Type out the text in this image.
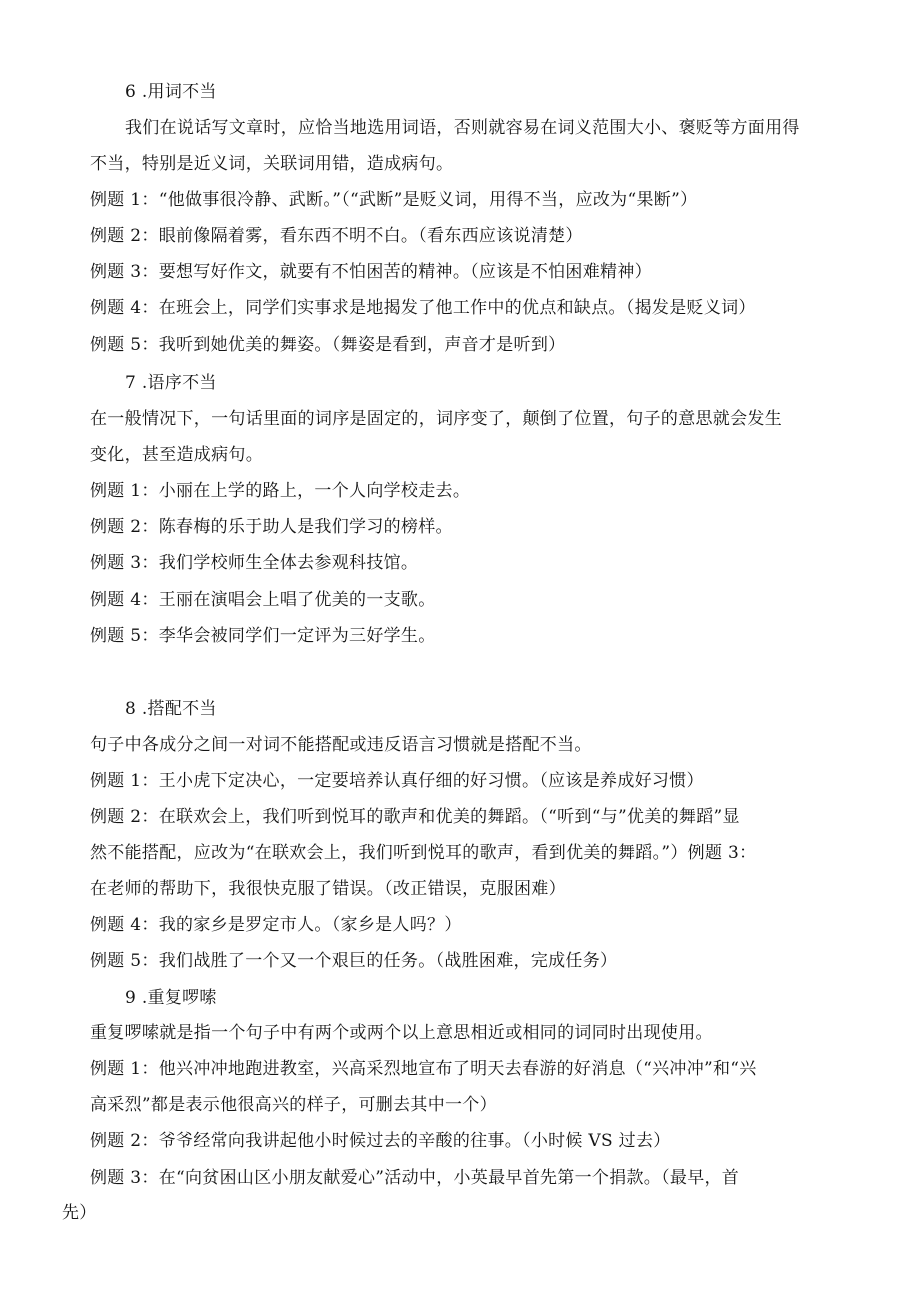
6 .用词不当
我们在说话写文章时，应恰当地选用词语，否则就容易在词义范围大小、褒贬等方面用得
不当，特别是近义词，关联词用错，造成病句。
例题 1：“他做事很冷静、武断。”（“武断”是贬义词，用得不当，应改为“果断”）
例题 2：眼前像隔着雾，看东西不明不白。（看东西应该说清楚）
例题 3：要想写好作文，就要有不怕困苦的精神。（应该是不怕困难精神）
例题 4：在班会上，同学们实事求是地揭发了他工作中的优点和缺点。（揭发是贬义词）
例题 5：我听到她优美的舞姿。（舞姿是看到，声音才是听到）
7 .语序不当
在一般情况下，一句话里面的词序是固定的，词序变了，颠倒了位置，句子的意思就会发生
变化，甚至造成病句。
例题 1：小丽在上学的路上，一个人向学校走去。
例题 2：陈春梅的乐于助人是我们学习的榜样。
例题 3：我们学校师生全体去参观科技馆。
例题 4：王丽在演唱会上唱了优美的一支歌。
例题 5：李华会被同学们一定评为三好学生。
8 .搭配不当
句子中各成分之间一对词不能搭配或违反语言习惯就是搭配不当。
例题 1：王小虎下定决心，一定要培养认真仔细的好习惯。（应该是养成好习惯）
例题 2：在联欢会上，我们听到悦耳的歌声和优美的舞蹈。（“听到“与”优美的舞蹈”显
然不能搭配，应改为“在联欢会上，我们听到悦耳的歌声，看到优美的舞蹈。”）例题 3：
在老师的帮助下，我很快克服了错误。（改正错误，克服困难）
例题 4：我的家乡是罗定市人。（家乡是人吗？）
例题 5：我们战胜了一个又一个艰巨的任务。（战胜困难，完成任务）
9 .重复啰嗦
重复啰嗦就是指一个句子中有两个或两个以上意思相近或相同的词同时出现使用。
例题 1：他兴冲冲地跑进教室，兴高采烈地宣布了明天去春游的好消息（“兴冲冲”和“兴
高采烈”都是表示他很高兴的样子，可删去其中一个）
例题 2：爷爷经常向我讲起他小时候过去的辛酸的往事。（小时候 VS 过去）
例题 3：在“向贫困山区小朋友献爱心”活动中，小英最早首先第一个捐款。（最早，首
先）
